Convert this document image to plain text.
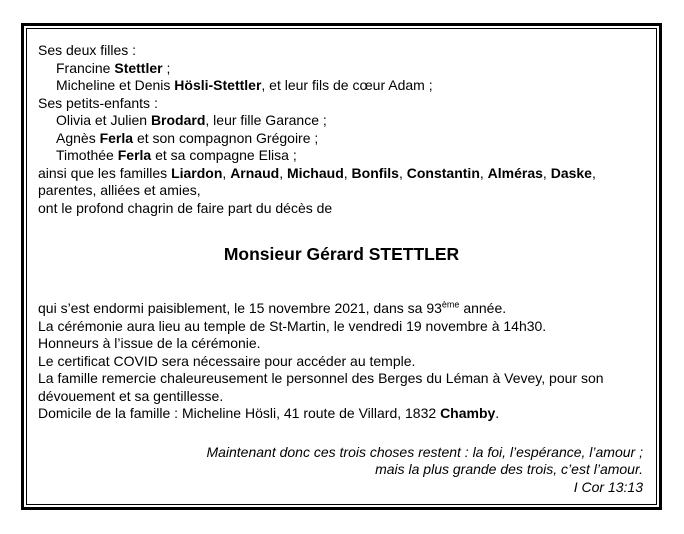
Ses deux filles :
Francine Stettler ;
Micheline et Denis Hösli-Stettler, et leur fils de cœur Adam ;
Ses petits-enfants :
Olivia et Julien Brodard, leur fille Garance ;
Agnès Ferla et son compagnon Grégoire ;
Timothée Ferla et sa compagne Elisa ;
ainsi que les familles Liardon, Arnaud, Michaud, Bonfils, Constantin, Alméras, Daske,
parentes, alliées et amies,
ont le profond chagrin de faire part du décès de
Monsieur Gérard STETTLER
qui s’est endormi paisiblement, le 15 novembre 2021, dans sa 93ème année.
La cérémonie aura lieu au temple de St-Martin, le vendredi 19 novembre à 14h30.
Honneurs à l’issue de la cérémonie.
Le certificat COVID sera nécessaire pour accéder au temple.
La famille remercie chaleureusement le personnel des Berges du Léman à Vevey, pour son dévouement et sa gentillesse.
Domicile de la famille : Micheline Hösli, 41 route de Villard, 1832 Chamby.
Maintenant donc ces trois choses restent : la foi, l’espérance, l’amour ;
mais la plus grande des trois, c’est l’amour.
I Cor 13:13
